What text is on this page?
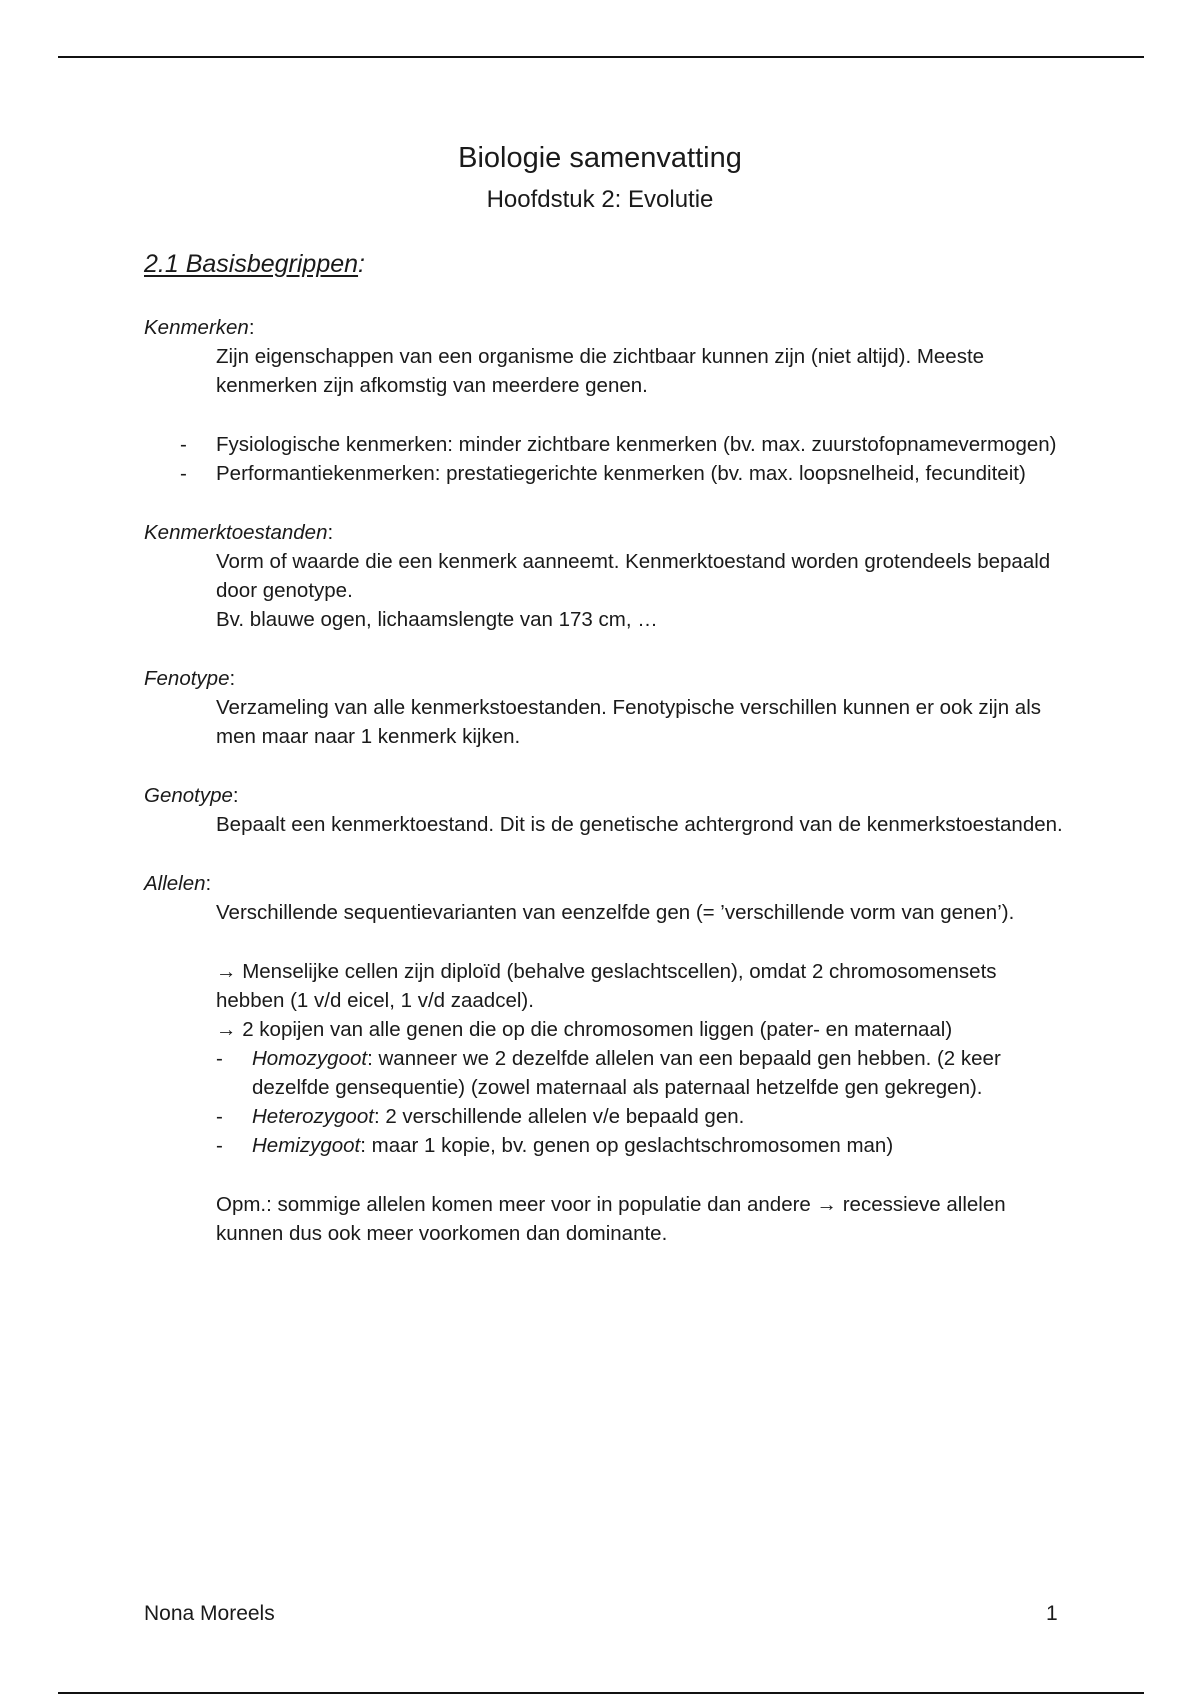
Biologie samenvatting
Hoofdstuk 2: Evolutie

2.1 Basisbegrippen:

Kenmerken:

Zijn eigenschappen van een organisme die zichtbaar kunnen zijn (niet altijd). Meeste kenmerken zijn afkomstig van meerdere genen.

-	Fysiologische kenmerken: minder zichtbare kenmerken (bv. max. zuurstofopnamevermogen)
-	Performantiekenmerken: prestatiegerichte kenmerken (bv. max. loopsnelheid, fecunditeit)

Kenmerktoestanden:

Vorm of waarde die een kenmerk aanneemt. Kenmerktoestand worden grotendeels bepaald door genotype.

Bv. blauwe ogen, lichaamslengte van 173 cm, …

Fenotype:

Verzameling van alle kenmerkstoestanden. Fenotypische verschillen kunnen er ook zijn als men maar naar 1 kenmerk kijken.

Genotype:

Bepaalt een kenmerktoestand. Dit is de genetische achtergrond van de kenmerkstoestanden.

Allelen:

Verschillende sequentievarianten van eenzelfde gen (= ’verschillende vorm van genen’).

→ Menselijke cellen zijn diploïd (behalve geslachtscellen), omdat 2 chromosomensets hebben (1 v/d eicel, 1 v/d zaadcel).

→ 2 kopijen van alle genen die op die chromosomen liggen (pater- en maternaal)

-	Homozygoot: wanneer we 2 dezelfde allelen van een bepaald gen hebben. (2 keer dezelfde gensequentie) (zowel maternaal als paternaal hetzelfde gen gekregen).
-	Heterozygoot: 2 verschillende allelen v/e bepaald gen.
-	Hemizygoot: maar 1 kopie, bv. genen op geslachtschromosomen man)

Opm.: sommige allelen komen meer voor in populatie dan andere → recessieve allelen kunnen dus ook meer voorkomen dan dominante.

Nona Moreels	1
